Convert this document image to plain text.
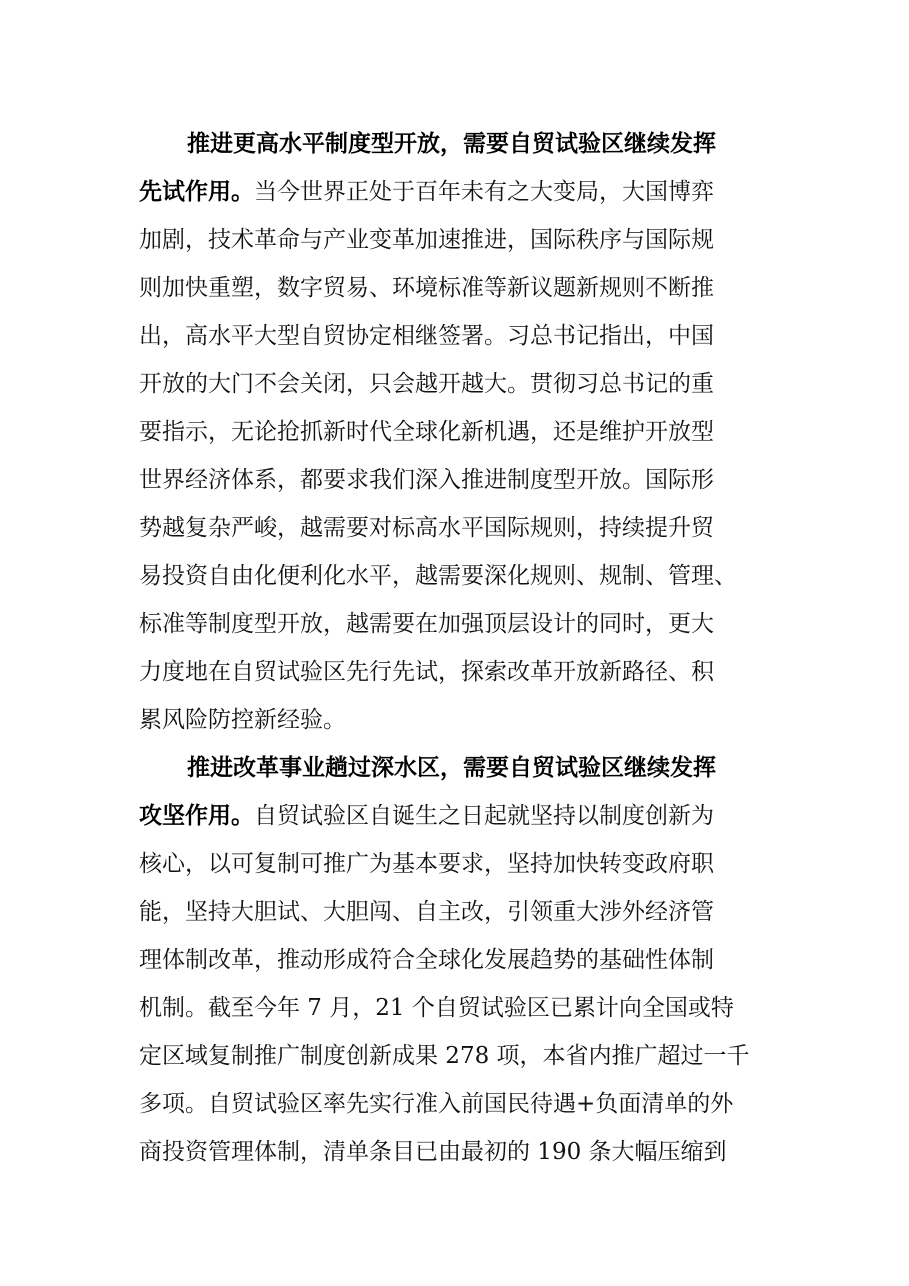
推进更高水平制度型开放，需要自贸试验区继续发挥
先试作用。当今世界正处于百年未有之大变局，大国博弈
加剧，技术革命与产业变革加速推进，国际秩序与国际规
则加快重塑，数字贸易、环境标准等新议题新规则不断推
出，高水平大型自贸协定相继签署。习总书记指出，中国
开放的大门不会关闭，只会越开越大。贯彻习总书记的重
要指示，无论抢抓新时代全球化新机遇，还是维护开放型
世界经济体系，都要求我们深入推进制度型开放。国际形
势越复杂严峻，越需要对标高水平国际规则，持续提升贸
易投资自由化便利化水平，越需要深化规则、规制、管理、
标准等制度型开放，越需要在加强顶层设计的同时，更大
力度地在自贸试验区先行先试，探索改革开放新路径、积
累风险防控新经验。
推进改革事业趟过深水区，需要自贸试验区继续发挥
攻坚作用。自贸试验区自诞生之日起就坚持以制度创新为
核心，以可复制可推广为基本要求，坚持加快转变政府职
能，坚持大胆试、大胆闯、自主改，引领重大涉外经济管
理体制改革，推动形成符合全球化发展趋势的基础性体制
机制。截至今年 7 月，21 个自贸试验区已累计向全国或特
定区域复制推广制度创新成果 278 项，本省内推广超过一千
多项。自贸试验区率先实行准入前国民待遇+负面清单的外
商投资管理体制，清单条目已由最初的 190 条大幅压缩到
